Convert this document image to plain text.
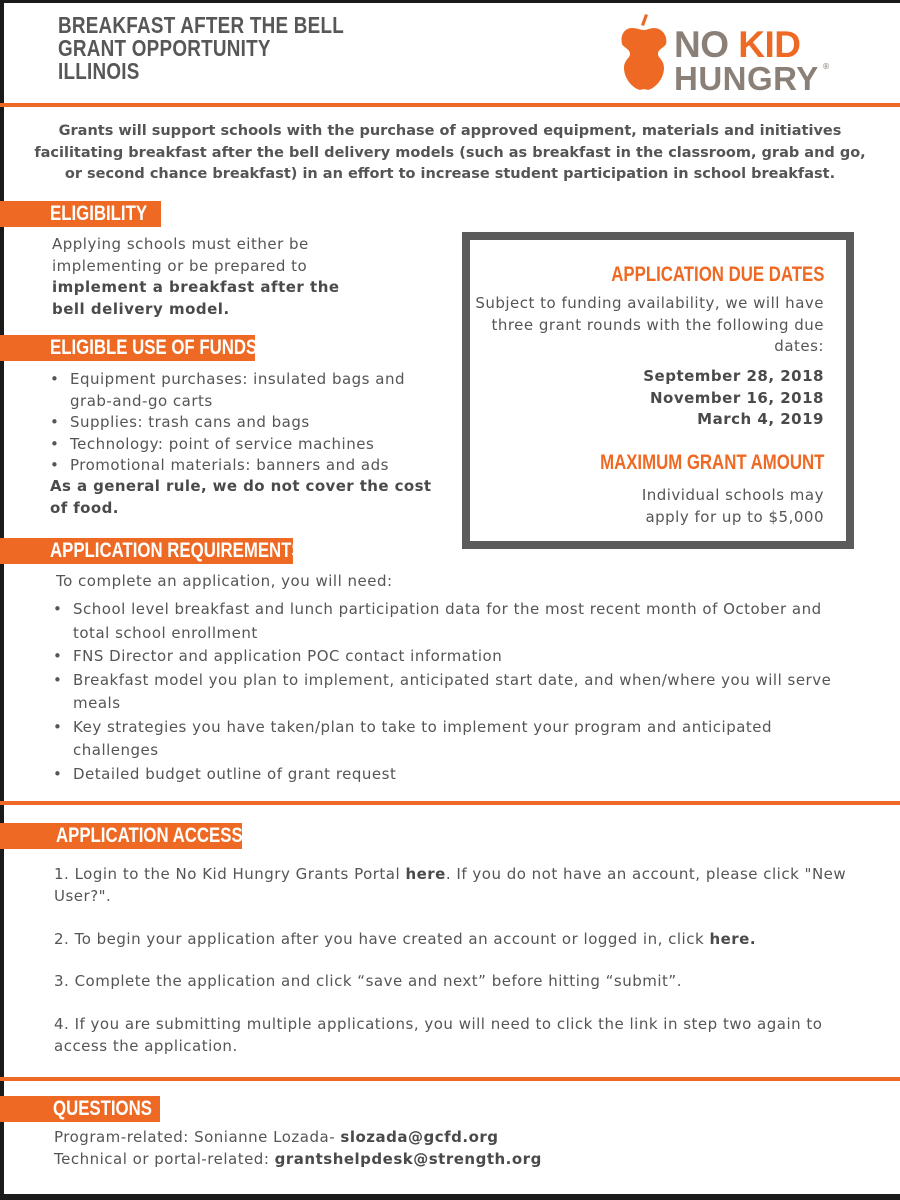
BREAKFAST AFTER THE BELL
GRANT OPPORTUNITY
ILLINOIS
NO KID
HUNGRY ®
Grants will support schools with the purchase of approved equipment, materials and initiatives facilitating breakfast after the bell delivery models (such as breakfast in the classroom, grab and go, or second chance breakfast) in an effort to increase student participation in school breakfast.
ELIGIBILITY
Applying schools must either be implementing or be prepared to implement a breakfast after the bell delivery model.
ELIGIBLE USE OF FUNDS
• Equipment purchases: insulated bags and grab-and-go carts
• Supplies: trash cans and bags
• Technology: point of service machines
• Promotional materials: banners and ads
As a general rule, we do not cover the cost of food.
APPLICATION DUE DATES
Subject to funding availability, we will have three grant rounds with the following due dates:
September 28, 2018
November 16, 2018
March 4, 2019
MAXIMUM GRANT AMOUNT
Individual schools may apply for up to $5,000
APPLICATION REQUIREMENTS
To complete an application, you will need:
• School level breakfast and lunch participation data for the most recent month of October and total school enrollment
• FNS Director and application POC contact information
• Breakfast model you plan to implement, anticipated start date, and when/where you will serve meals
• Key strategies you have taken/plan to take to implement your program and anticipated challenges
• Detailed budget outline of grant request
APPLICATION ACCESS
1. Login to the No Kid Hungry Grants Portal here. If you do not have an account, please click "New User?".
2. To begin your application after you have created an account or logged in, click here.
3. Complete the application and click “save and next” before hitting “submit”.
4. If you are submitting multiple applications, you will need to click the link in step two again to access the application.
QUESTIONS
Program-related: Sonianne Lozada- slozada@gcfd.org
Technical or portal-related: grantshelpdesk@strength.org
